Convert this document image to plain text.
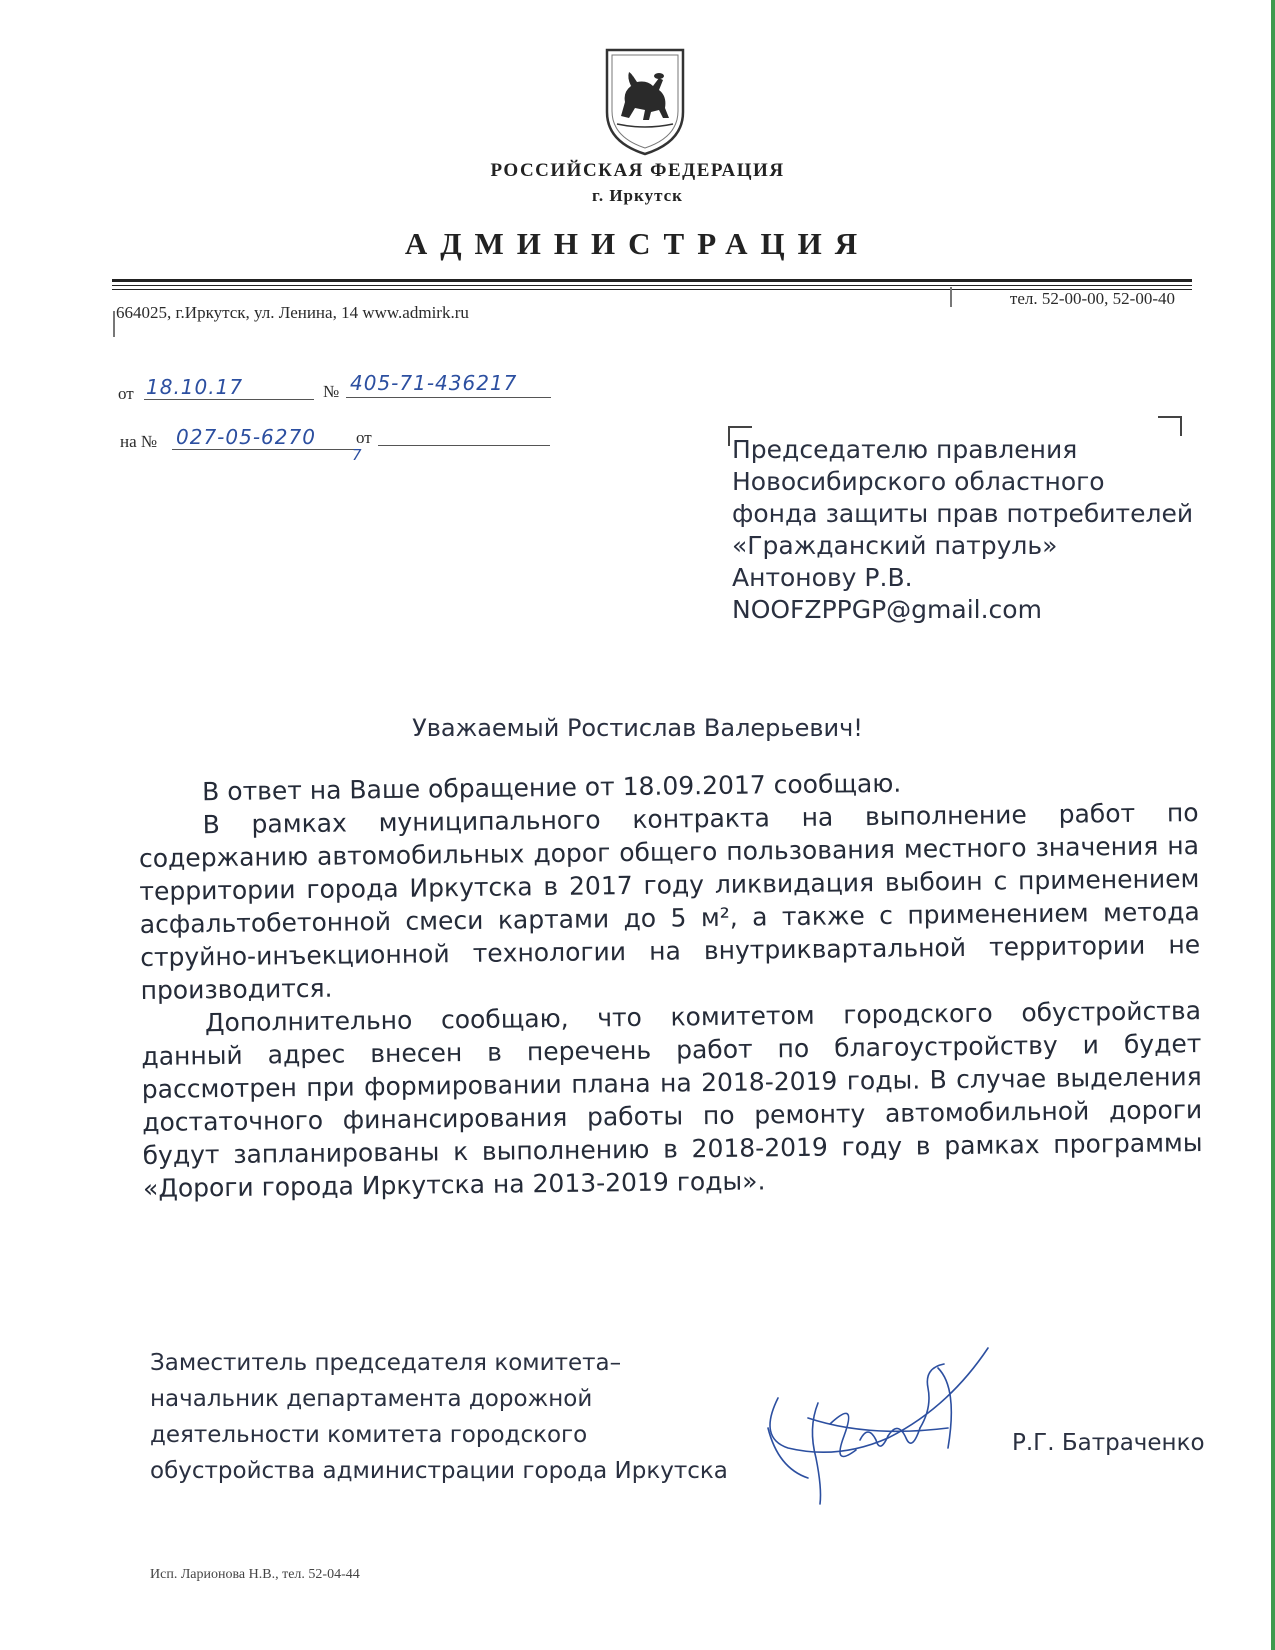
РОССИЙСКАЯ ФЕДЕРАЦИЯ
г. Иркутск
АДМИНИСТРАЦИЯ
664025, г.Иркутск, ул. Ленина, 14 www.admirk.ru
тел. 52-00-00, 52-00-40
от 18.10.17	№ 405-71-436217
на № 027-05-6270 от
7	Председателю правления
Новосибирского областного
фонда защиты прав потребителей
«Гражданский патруль»
Антонову Р.В.
NOOFZPPGP@gmail.com
Уважаемый Ростислав Валерьевич!

В ответ на Ваше обращение от 18.09.2017 сообщаю.

В рамках муниципального контракта на выполнение работ по содержанию автомобильных дорог общего пользования местного значения на территории города Иркутска в 2017 году ликвидация выбоин с применением асфальтобетонной смеси картами до 5 м², а также с применением метода струйно-инъекционной технологии на внутриквартальной территории не производится.

Дополнительно сообщаю, что комитетом городского обустройства данный адрес внесен в перечень работ по благоустройству и будет рассмотрен при формировании плана на 2018-2019 годы. В случае выделения достаточного финансирования работы по ремонту автомобильной дороги будут запланированы к выполнению в 2018-2019 году в рамках программы «Дороги города Иркутска на 2013-2019 годы».

Заместитель председателя комитета–
начальник департамента дорожной
деятельности комитета городского
обустройства администрации города Иркутска
Р.Г. Батраченко
Исп. Ларионова Н.В., тел. 52-04-44
